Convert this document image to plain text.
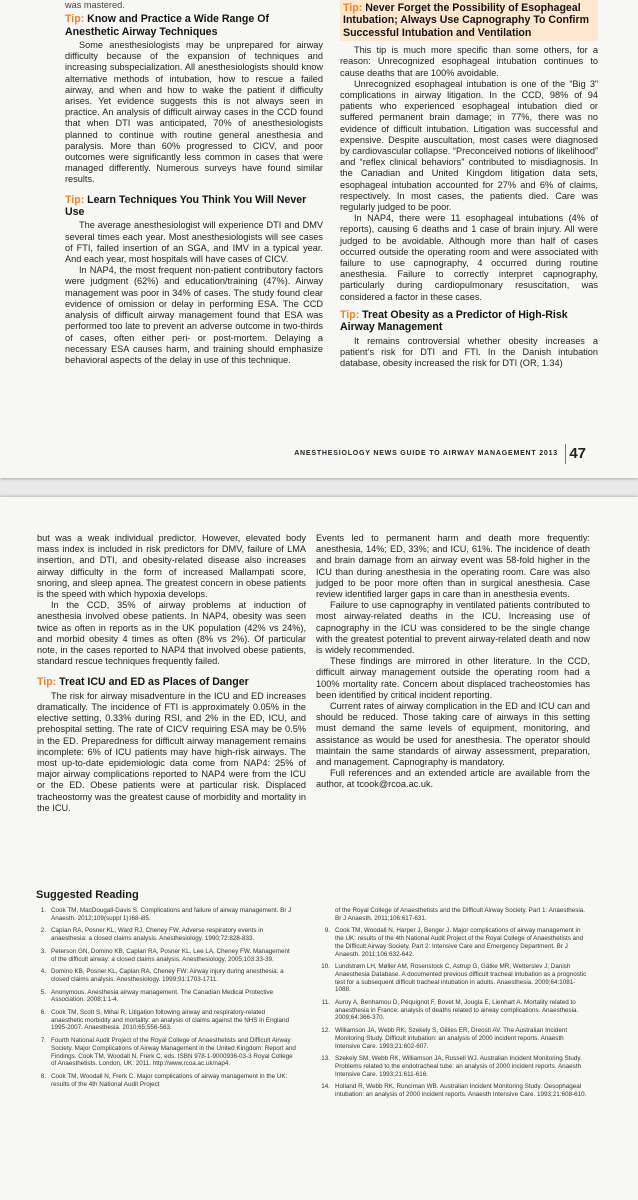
was mastered.

Tip: Know and Practice a Wide Range Of Anesthetic Airway Techniques

Some anesthesiologists may be unprepared for airway difficulty because of the expansion of techniques and increasing subspecialization. All anesthesiologists should know alternative methods of intubation, how to rescue a failed airway, and when and how to wake the patient if difficulty arises. Yet evidence suggests this is not always seen in practice. An analysis of difficult airway cases in the CCD found that when DTI was anticipated, 70% of anesthesiologists planned to continue with routine general anesthesia and paralysis. More than 60% progressed to CICV, and poor outcomes were significantly less common in cases that were managed differently. Numerous surveys have found similar results.

Tip: Learn Techniques You Think You Will Never Use

The average anesthesiologist will experience DTI and DMV several times each year. Most anesthesiologists will see cases of FTI, failed insertion of an SGA, and IMV in a typical year. And each year, most hospitals will have cases of CICV.

In NAP4, the most frequent non-patient contributory factors were judgment (62%) and education/training (47%). Airway management was poor in 34% of cases. The study found clear evidence of omission or delay in performing ESA. The CCD analysis of difficult airway management found that ESA was performed too late to prevent an adverse outcome in two-thirds of cases, often either peri- or post-mortem. Delaying a necessary ESA causes harm, and training should emphasize behavioral aspects of the delay in use of this technique.

Tip: Never Forget the Possibility of Esophageal Intubation; Always Use Capnography To Confirm Successful Intubation and Ventilation

This tip is much more specific than some others, for a reason: Unrecognized esophageal intubation continues to cause deaths that are 100% avoidable.

Unrecognized esophageal intubation is one of the “Big 3” complications in airway litigation. In the CCD, 98% of 94 patients who experienced esophageal intubation died or suffered permanent brain damage; in 77%, there was no evidence of difficult intubation. Litigation was successful and expensive. Despite auscultation, most cases were diagnosed by cardiovascular collapse. “Preconceived notions of likelihood” and “reflex clinical behaviors” contributed to misdiagnosis. In the Canadian and United Kingdom litigation data sets, esophageal intubation accounted for 27% and 6% of claims, respectively. In most cases, the patients died. Care was regularly judged to be poor.

In NAP4, there were 11 esophageal intubations (4% of reports), causing 6 deaths and 1 case of brain injury. All were judged to be avoidable. Although more than half of cases occurred outside the operating room and were associated with failure to use capnography, 4 occurred during routine anesthesia. Failure to correctly interpret capnography, particularly during cardiopulmonary resuscitation, was considered a factor in these cases.

Tip: Treat Obesity as a Predictor of High-Risk Airway Management

It remains controversial whether obesity increases a patient’s risk for DTI and FTI. In the Danish intubation database, obesity increased the risk for DTI (OR, 1.34)

ANESTHESIOLOGY NEWS GUIDE TO AIRWAY MANAGEMENT 2013 47

but was a weak individual predictor. However, elevated body mass index is included in risk predictors for DMV, failure of LMA insertion, and DTI, and obesity-related disease also increases airway difficulty in the form of increased Mallampati score, snoring, and sleep apnea. The greatest concern in obese patients is the speed with which hypoxia develops.

In the CCD, 35% of airway problems at induction of anesthesia involved obese patients. In NAP4, obesity was seen twice as often in reports as in the UK population (42% vs 24%), and morbid obesity 4 times as often (8% vs 2%). Of particular note, in the cases reported to NAP4 that involved obese patients, standard rescue techniques frequently failed.

Tip: Treat ICU and ED as Places of Danger

The risk for airway misadventure in the ICU and ED increases dramatically. The incidence of FTI is approximately 0.05% in the elective setting, 0.33% during RSI, and 2% in the ED, ICU, and prehospital setting. The rate of CICV requiring ESA may be 0.5% in the ED. Preparedness for difficult airway management remains incomplete: 6% of ICU patients may have high-risk airways. The most up-to-date epidemiologic data come from NAP4: 25% of major airway complications reported to NAP4 were from the ICU or the ED. Obese patients were at particular risk. Displaced tracheostomy was the greatest cause of morbidity and mortality in the ICU.

Events led to permanent harm and death more frequently: anesthesia, 14%; ED, 33%; and ICU, 61%. The incidence of death and brain damage from an airway event was 58-fold higher in the ICU than during anesthesia in the operating room. Care was also judged to be poor more often than in surgical anesthesia. Case review identified larger gaps in care than in anesthesia events.

Failure to use capnography in ventilated patients contributed to most airway-related deaths in the ICU. Increasing use of capnography in the ICU was considered to be the single change with the greatest potential to prevent airway-related death and now is widely recommended.

These findings are mirrored in other literature. In the CCD, difficult airway management outside the operating room had a 100% mortality rate. Concern about displaced tracheostomies has been identified by critical incident reporting.

Current rates of airway complication in the ED and ICU can and should be reduced. Those taking care of airways in this setting must demand the same levels of equipment, monitoring, and assistance as would be used for anesthesia. The operator should maintain the same standards of airway assessment, preparation, and management. Capnography is mandatory.

Full references and an extended article are available from the author, at tcook@rcoa.ac.uk.

Suggested Reading
1. Cook TM, MacDougall-Davis S. Complications and failure of airway management. Br J Anaesth. 2012;109(suppl 1):i68-i85.
2. Caplan RA, Posner KL, Ward RJ, Cheney FW. Adverse respiratory events in anaesthesia: a closed claims analysis. Anesthesiology. 1990;72:828-833.
3. Peterson GN, Domino KB, Caplan RA, Posner KL, Lee LA, Cheney FW. Management of the difficult airway: a closed claims analysis. Anesthesiology. 2005;103:33-39.
4. Domino KB, Posner KL, Caplan RA, Cheney FW: Airway injury during anesthesia: a closed claims analysis. Anesthesiology. 1999;91:1703-1711.
5. Anonymous. Anesthesia airway management. The Canadian Medical Protective Association. 2008;1:1-4.
6. Cook TM, Scott S, Mihai R. Litigation following airway and respiratory-related anaesthetic morbidity and mortality: an analysis of claims against the NHS in England 1995-2007. Anaesthesia. 2010;65:556-563.
7. Fourth National Audit Project of the Royal College of Anaesthetists and Difficult Airway Society. Major Complications of Airway Management in the United Kingdom: Report and Findings. Cook TM, Woodall N, Frerk C, eds. ISBN 978-1-9000936-03-3 Royal College of Anaesthetists. London, UK: 2011. http://www.rcoa.ac.uk/nap4.
8. Cook TM, Woodall N, Frerk C. Major complications of airway management in the UK: results of the 4th National Audit Project
of the Royal College of Anaesthetists and the Difficult Airway Society. Part 1: Anaesthesia. Br J Anaesth. 2011;106:617-631.
9. Cook TM, Woodall N, Harper J, Benger J. Major complications of airway management in the UK: results of the 4th National Audit Project of the Royal College of Anaesthetists and the Difficult Airway Society. Part 2: Intensive Care and Emergency Department. Br J Anaesth. 2011;106:632-642.
10. Lundstrøm LH, Møller AM, Rosenstock C, Astrup G, Gätke MR, Wetterslev J; Danish Anaesthesia Database. A documented previous difficult tracheal intubation as a prognostic test for a subsequent difficult tracheal intubation in adults. Anaesthesia. 2009;64:1081-1088.
11. Auroy A, Benhamou D, Péquignot F, Bovet M, Jougla E, Lienhart A. Mortality related to anaesthesia in France: analysis of deaths related to airway complications. Anaesthesia. 2009;64:366-370.
12. Williamson JA, Webb RK, Szekely S, Gillies ER, Dreosti AV. The Australian Incident Monitoring Study. Difficult intubation: an analysis of 2000 incident reports. Anaesth Intensive Care. 1993;21:602-607.
13. Szekely SM, Webb RK, Williamson JA, Russell WJ. Australian Incident Monitoring Study. Problems related to the endotracheal tube: an analysis of 2000 incident reports. Anaesth Intensive Care. 1993;21:611-616.
14. Holland R, Webb RK, Runciman WB. Australian Incident Monitoring Study. Oesophageal intubation: an analysis of 2000 incident reports. Anaesth Intensive Care. 1993;21:608-610.
